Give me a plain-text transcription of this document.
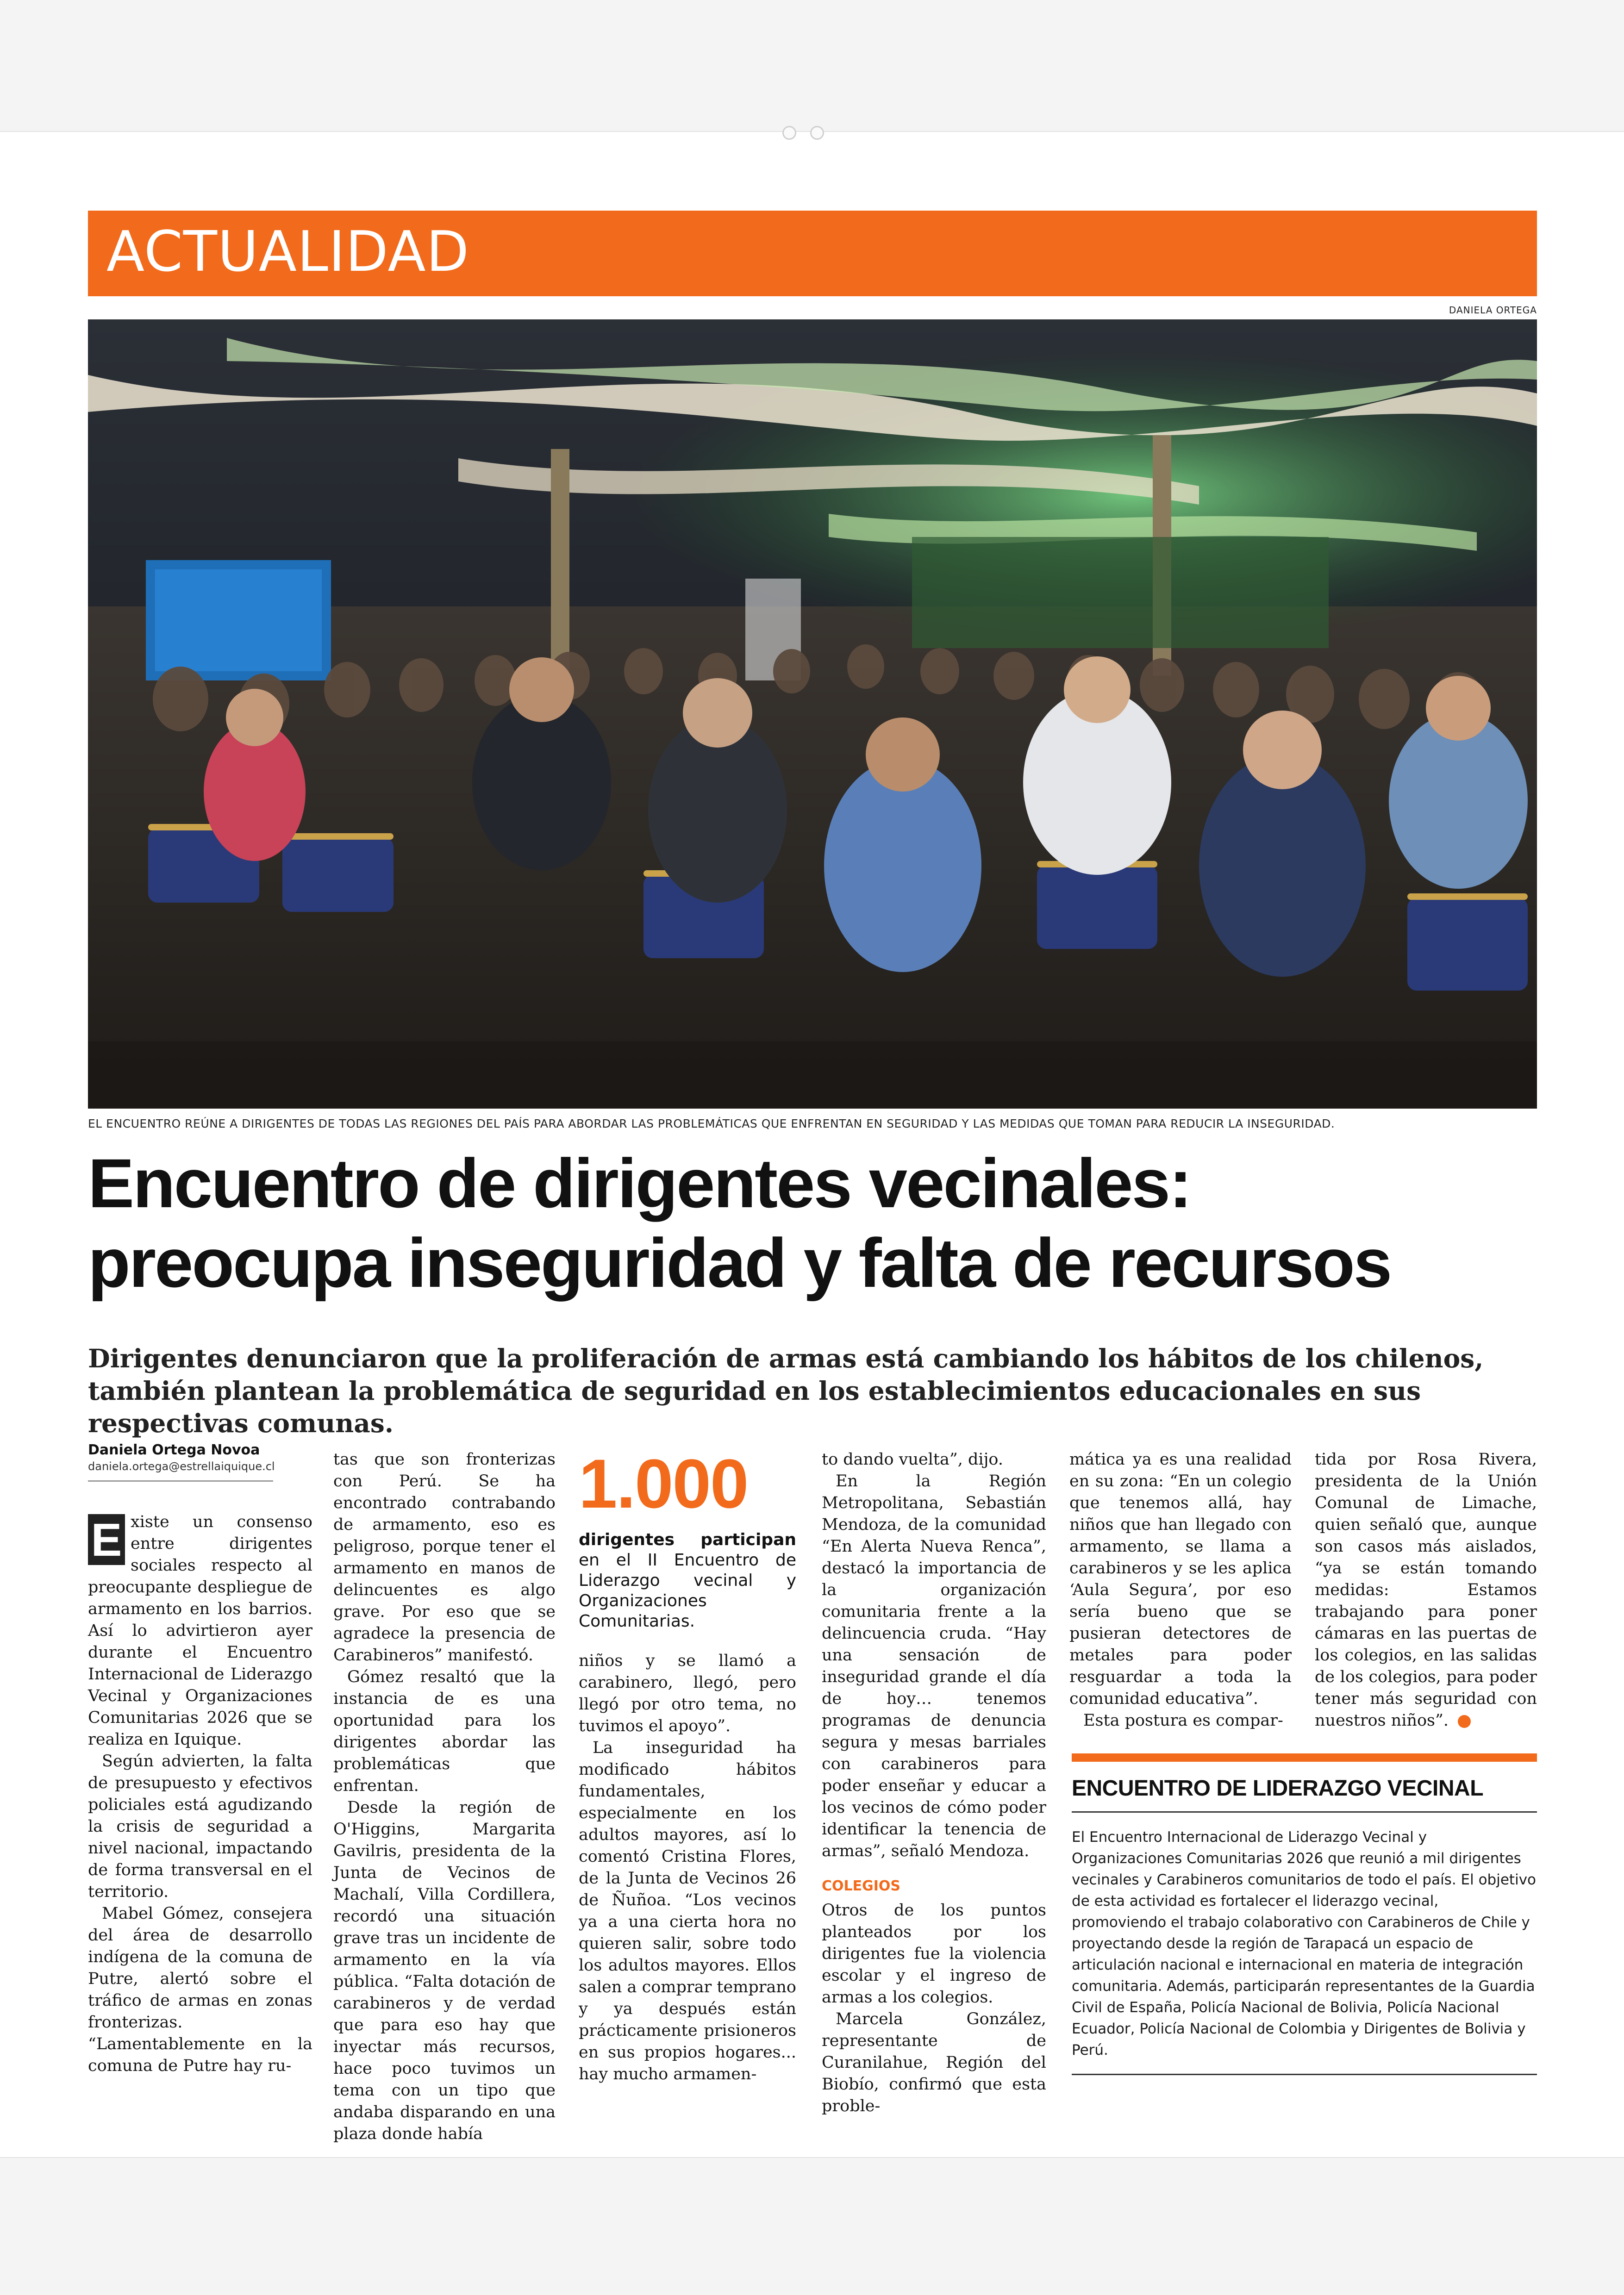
ACTUALIDAD
DANIELA ORTEGA
EL ENCUENTRO REÚNE A DIRIGENTES DE TODAS LAS REGIONES DEL PAÍS PARA ABORDAR LAS PROBLEMÁTICAS QUE ENFRENTAN EN SEGURIDAD Y LAS MEDIDAS QUE TOMAN PARA REDUCIR LA INSEGURIDAD.
Encuentro de dirigentes vecinales:
preocupa inseguridad y falta de recursos
Dirigentes denunciaron que la proliferación de armas está cambiando los hábitos de los chilenos, también plantean la problemática de seguridad en los establecimientos educacionales en sus respectivas comunas.
Daniela Ortega Novoa
daniela.ortega@estrellaiquique.cl

E xiste un consenso entre dirigentes sociales respecto al preocupante despliegue de armamento en los barrios. Así lo advirtieron ayer durante el Encuentro Internacional de Liderazgo Vecinal y Organizaciones Comunitarias 2026 que se realiza en Iquique.

Según advierten, la falta de presupuesto y efectivos policiales está agudizando la crisis de seguridad a nivel nacional, impactando de forma transversal en el territorio.

Mabel Gómez, consejera del área de desarrollo indígena de la comuna de Putre, alertó sobre el tráfico de armas en zonas fronterizas. “Lamentablemente en la comuna de Putre hay ru-

tas que son fronterizas con Perú. Se ha encontrado contrabando de armamento, eso es peligroso, porque tener el armamento en manos de delincuentes es algo grave. Por eso que se agradece la presencia de Carabineros” manifestó.

Gómez resaltó que la instancia de es una oportunidad para los dirigentes abordar las problemáticas que enfrentan.

Desde la región de O'Higgins, Margarita Gavilris, presidenta de la Junta de Vecinos de Machalí, Villa Cordillera, recordó una situación grave tras un incidente de armamento en la vía pública. “Falta dotación de carabineros y de verdad que para eso hay que inyectar más recursos, hace poco tuvimos un tema con un tipo que andaba disparando en una plaza donde había

1.000
dirigentes participan en el II Encuentro de Liderazgo vecinal y Organizaciones Comunitarias.

niños y se llamó a carabinero, llegó, pero llegó por otro tema, no tuvimos el apoyo”.

La inseguridad ha modificado hábitos fundamentales, especialmente en los adultos mayores, así lo comentó Cristina Flores, de la Junta de Vecinos 26 de Ñuñoa. “Los vecinos ya a una cierta hora no quieren salir, sobre todo los adultos mayores. Ellos salen a comprar temprano y ya después están prácticamente prisioneros en sus propios hogares... hay mucho armamen-

to dando vuelta”, dijo.

En la Región Metropolitana, Sebastián Mendoza, de la comunidad “En Alerta Nueva Renca”, destacó la importancia de la organización comunitaria frente a la delincuencia cruda. “Hay una sensación de inseguridad grande el día de hoy… tenemos programas de denuncia segura y mesas barriales con carabineros para poder enseñar y educar a los vecinos de cómo poder identificar la tenencia de armas”, señaló Mendoza.

COLEGIOS

Otros de los puntos planteados por los dirigentes fue la violencia escolar y el ingreso de armas a los colegios.

Marcela González, representante de Curanilahue, Región del Biobío, confirmó que esta proble-

mática ya es una realidad en su zona: “En un colegio que tenemos allá, hay niños que han llegado con armamento, se llama a carabineros y se les aplica ‘Aula Segura’, por eso sería bueno que se pusieran detectores de metales para poder resguardar a toda la comunidad educativa”.

Esta postura es compar-

tida por Rosa Rivera, presidenta de la Unión Comunal de Limache, quien señaló que, aunque son casos más aislados, “ya se están tomando medidas: Estamos trabajando para poner cámaras en las puertas de los colegios, en las salidas de los colegios, para poder tener más seguridad con nuestros niños”.

ENCUENTRO DE LIDERAZGO VECINAL
El Encuentro Internacional de Liderazgo Vecinal y Organizaciones Comunitarias 2026 que reunió a mil dirigentes vecinales y Carabineros comunitarios de todo el país. El objetivo de esta actividad es fortalecer el liderazgo vecinal, promoviendo el trabajo colaborativo con Carabineros de Chile y proyectando desde la región de Tarapacá un espacio de articulación nacional e internacional en materia de integración comunitaria. Además, participarán representantes de la Guardia Civil de España, Policía Nacional de Bolivia, Policía Nacional Ecuador, Policía Nacional de Colombia y Dirigentes de Bolivia y Perú.
